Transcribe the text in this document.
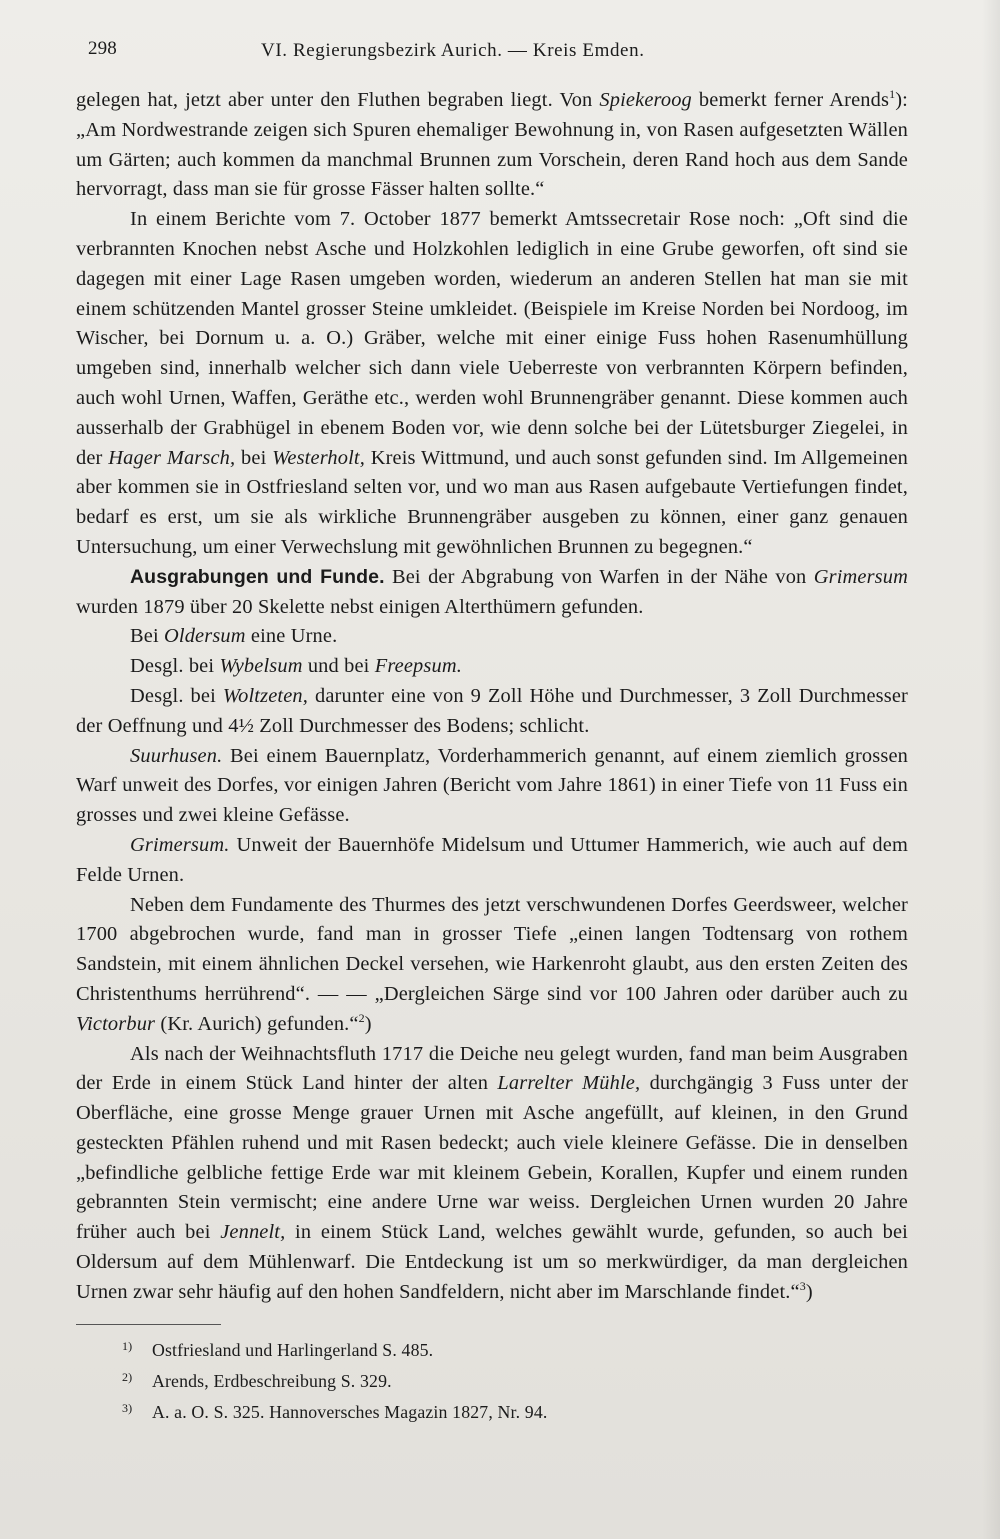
298	VI. Regierungsbezirk Aurich. — Kreis Emden.

gelegen hat, jetzt aber unter den Fluthen begraben liegt. Von Spiekeroog bemerkt ferner Arends$^1$): „Am Nordwestrande zeigen sich Spuren ehemaliger Bewohnung in, von Rasen aufgesetzten Wällen um Gärten; auch kommen da manchmal Brunnen zum Vorschein, deren Rand hoch aus dem Sande hervorragt, dass man sie für grosse Fässer halten sollte.“

In einem Berichte vom 7. October 1877 bemerkt Amtssecretair Rose noch: „Oft sind die verbrannten Knochen nebst Asche und Holzkohlen lediglich in eine Grube geworfen, oft sind sie dagegen mit einer Lage Rasen umgeben worden, wiederum an anderen Stellen hat man sie mit einem schützenden Mantel grosser Steine umkleidet. (Beispiele im Kreise Norden bei Nordoog, im Wischer, bei Dornum u. a. O.) Gräber, welche mit einer einige Fuss hohen Rasenumhüllung umgeben sind, innerhalb welcher sich dann viele Ueberreste von verbrannten Körpern befinden, auch wohl Urnen, Waffen, Geräthe etc., werden wohl Brunnengräber genannt. Diese kommen auch ausserhalb der Grabhügel in ebenem Boden vor, wie denn solche bei der Lütetsburger Ziegelei, in der Hager Marsch, bei Westerholt, Kreis Wittmund, und auch sonst gefunden sind. Im Allgemeinen aber kommen sie in Ostfriesland selten vor, und wo man aus Rasen aufgebaute Vertiefungen findet, bedarf es erst, um sie als wirkliche Brunnengräber ausgeben zu können, einer ganz genauen Untersuchung, um einer Verwechslung mit gewöhnlichen Brunnen zu begegnen.“

Ausgrabungen und Funde. Bei der Abgrabung von Warfen in der Nähe von Grimersum wurden 1879 über 20 Skelette nebst einigen Alterthümern gefunden.

Bei Oldersum eine Urne.

Desgl. bei Wybelsum und bei Freepsum.

Desgl. bei Woltzeten, darunter eine von 9 Zoll Höhe und Durchmesser, 3 Zoll Durchmesser der Oeffnung und 4½ Zoll Durchmesser des Bodens; schlicht.

Suurhusen. Bei einem Bauernplatz, Vorderhammerich genannt, auf einem ziemlich grossen Warf unweit des Dorfes, vor einigen Jahren (Bericht vom Jahre 1861) in einer Tiefe von 11 Fuss ein grosses und zwei kleine Gefässe.

Grimersum. Unweit der Bauernhöfe Midelsum und Uttumer Hammerich, wie auch auf dem Felde Urnen.

Neben dem Fundamente des Thurmes des jetzt verschwundenen Dorfes Geerdsweer, welcher 1700 abgebrochen wurde, fand man in grosser Tiefe „einen langen Todtensarg von rothem Sandstein, mit einem ähnlichen Deckel versehen, wie Harkenroht glaubt, aus den ersten Zeiten des Christenthums herrührend“. — — „Dergleichen Särge sind vor 100 Jahren oder darüber auch zu Victorbur (Kr. Aurich) gefunden.“$^2$)

Als nach der Weihnachtsfluth 1717 die Deiche neu gelegt wurden, fand man beim Ausgraben der Erde in einem Stück Land hinter der alten Larrelter Mühle, durchgängig 3 Fuss unter der Oberfläche, eine grosse Menge grauer Urnen mit Asche angefüllt, auf kleinen, in den Grund gesteckten Pfählen ruhend und mit Rasen bedeckt; auch viele kleinere Gefässe. Die in denselben „befindliche gelbliche fettige Erde war mit kleinem Gebein, Korallen, Kupfer und einem runden gebrannten Stein vermischt; eine andere Urne war weiss. Dergleichen Urnen wurden 20 Jahre früher auch bei Jennelt, in einem Stück Land, welches gewählt wurde, gefunden, so auch bei Oldersum auf dem Mühlenwarf. Die Entdeckung ist um so merkwürdiger, da man dergleichen Urnen zwar sehr häufig auf den hohen Sandfeldern, nicht aber im Marschlande findet.“$^3$)

1) Ostfriesland und Harlingerland S. 485.

2) Arends, Erdbeschreibung S. 329.

3) A. a. O. S. 325. Hannoversches Magazin 1827, Nr. 94.
